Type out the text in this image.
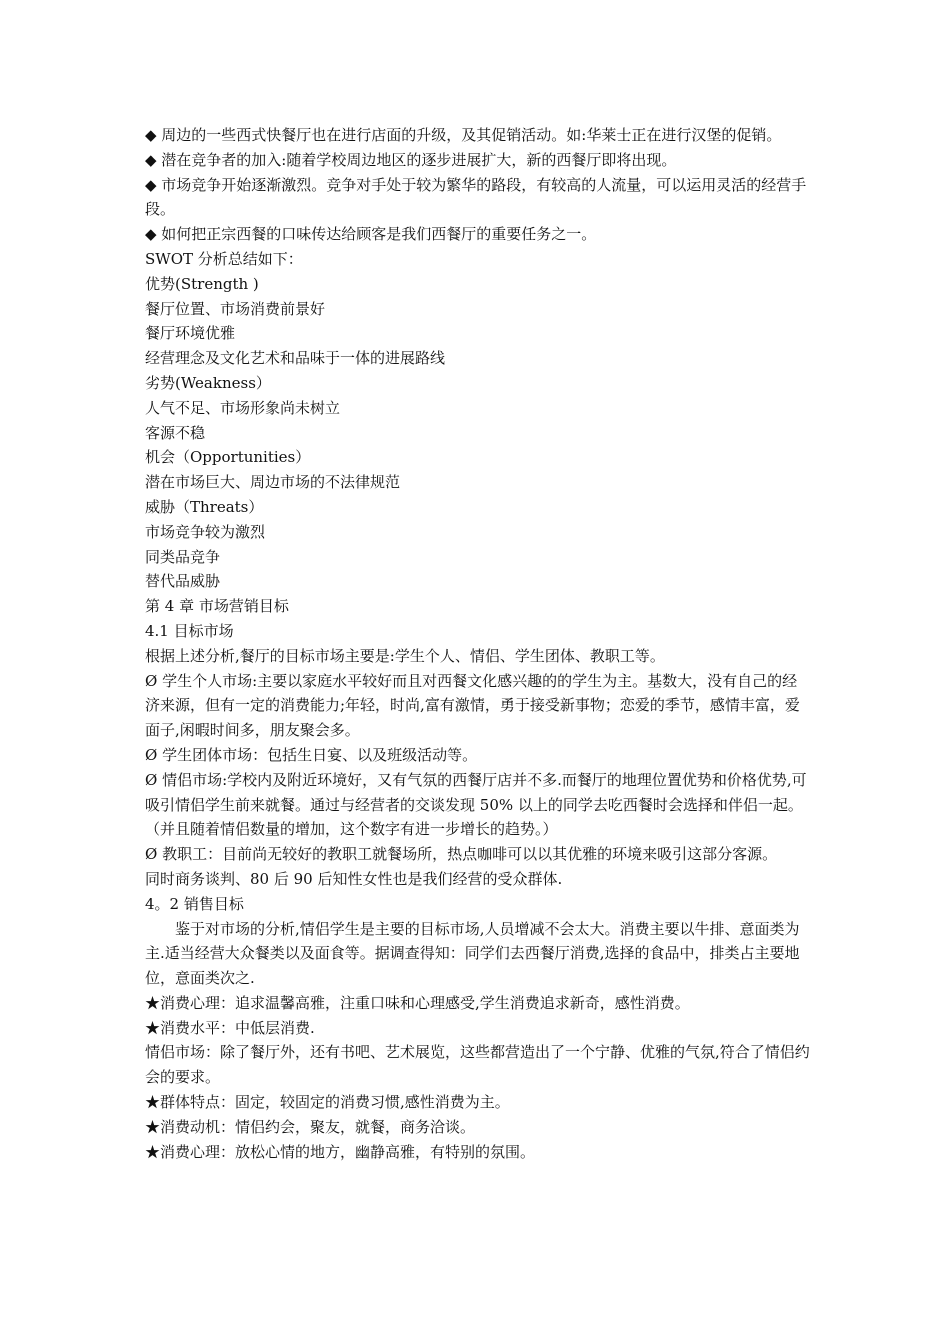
◆ 周边的一些西式快餐厅也在进行店面的升级，及其促销活动。如:华莱士正在进行汉堡的促销。

◆ 潜在竞争者的加入:随着学校周边地区的逐步进展扩大，新的西餐厅即将出现。

◆ 市场竞争开始逐渐激烈。竞争对手处于较为繁华的路段，有较高的人流量，可以运用灵活的经营手段。

◆ 如何把正宗西餐的口味传达给顾客是我们西餐厅的重要任务之一。

SWOT 分析总结如下：

优势(Strength )

餐厅位置、市场消费前景好

餐厅环境优雅

经营理念及文化艺术和品味于一体的进展路线

劣势(Weakness）

人气不足、市场形象尚未树立

客源不稳

机会（Opportunities）

潜在市场巨大、周边市场的不法律规范

威胁（Threats）

市场竞争较为激烈

同类品竞争

替代品威胁

第 4 章 市场营销目标

4.1 目标市场

根据上述分析,餐厅的目标市场主要是:学生个人、情侣、学生团体、教职工等。

Ø 学生个人市场:主要以家庭水平较好而且对西餐文化感兴趣的的学生为主。基数大，没有自己的经济来源，但有一定的消费能力;年轻，时尚,富有激情，勇于接受新事物；恋爱的季节，感情丰富，爱面子,闲暇时间多，朋友聚会多。

Ø 学生团体市场：包括生日宴、以及班级活动等。

Ø 情侣市场:学校内及附近环境好，又有气氛的西餐厅店并不多.而餐厅的地理位置优势和价格优势,可吸引情侣学生前来就餐。通过与经营者的交谈发现 50% 以上的同学去吃西餐时会选择和伴侣一起。（并且随着情侣数量的增加，这个数字有进一步增长的趋势。）

Ø 教职工：目前尚无较好的教职工就餐场所，热点咖啡可以以其优雅的环境来吸引这部分客源。

同时商务谈判、80 后 90 后知性女性也是我们经营的受众群体.

4。2 销售目标

鉴于对市场的分析,情侣学生是主要的目标市场,人员增减不会太大。消费主要以牛排、意面类为主.适当经营大众餐类以及面食等。据调查得知：同学们去西餐厅消费,选择的食品中，排类占主要地位，意面类次之.

★消费心理：追求温馨高雅，注重口味和心理感受,学生消费追求新奇，感性消费。

★消费水平：中低层消费.

情侣市场：除了餐厅外，还有书吧、艺术展览，这些都营造出了一个宁静、优雅的气氛,符合了情侣约会的要求。

★群体特点：固定，较固定的消费习惯,感性消费为主。

★消费动机：情侣约会，聚友，就餐，商务洽谈。

★消费心理：放松心情的地方，幽静高雅，有特别的氛围。
